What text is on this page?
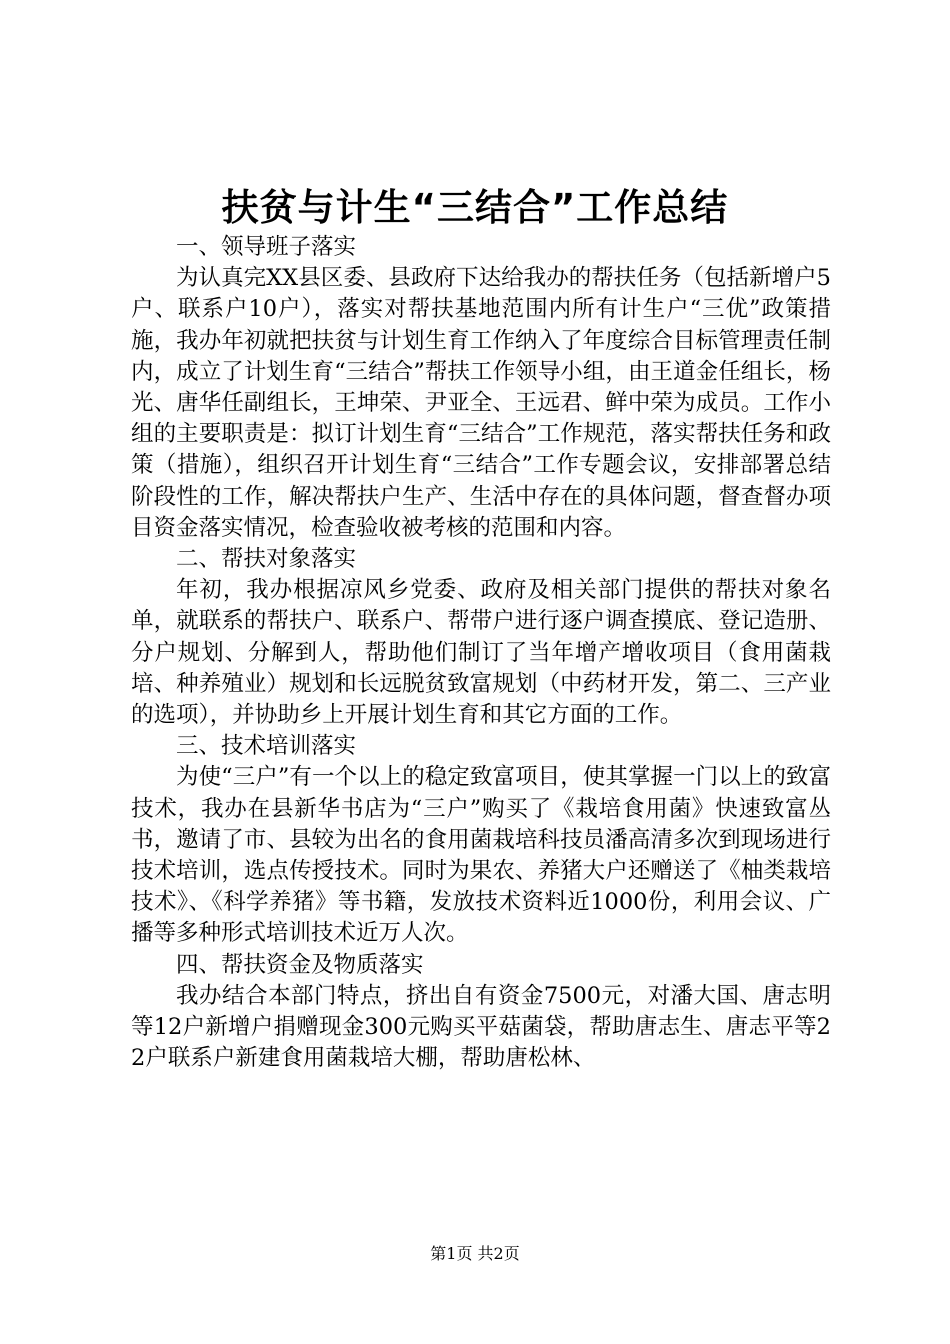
扶贫与计生“三结合”工作总结

一、领导班子落实

为认真完XX县区委、县政府下达给我办的帮扶任务（包括新增户5户、联系户10户），落实对帮扶基地范围内所有计生户“三优”政策措施，我办年初就把扶贫与计划生育工作纳入了年度综合目标管理责任制内，成立了计划生育“三结合”帮扶工作领导小组，由王道金任组长，杨光、唐华任副组长，王坤荣、尹亚全、王远君、鲜中荣为成员。工作小组的主要职责是：拟订计划生育“三结合”工作规范，落实帮扶任务和政策（措施），组织召开计划生育“三结合”工作专题会议，安排部署总结阶段性的工作，解决帮扶户生产、生活中存在的具体问题，督查督办项目资金落实情况，检查验收被考核的范围和内容。

二、帮扶对象落实

年初，我办根据凉风乡党委、政府及相关部门提供的帮扶对象名单，就联系的帮扶户、联系户、帮带户进行逐户调查摸底、登记造册、分户规划、分解到人，帮助他们制订了当年增产增收项目（食用菌栽培、种养殖业）规划和长远脱贫致富规划（中药材开发，第二、三产业的选项），并协助乡上开展计划生育和其它方面的工作。

三、技术培训落实

为使“三户”有一个以上的稳定致富项目，使其掌握一门以上的致富技术，我办在县新华书店为“三户”购买了《栽培食用菌》快速致富丛书，邀请了市、县较为出名的食用菌栽培科技员潘高清多次到现场进行技术培训，选点传授技术。同时为果农、养猪大户还赠送了《柚类栽培技术》、《科学养猪》等书籍，发放技术资料近1000份，利用会议、广播等多种形式培训技术近万人次。

四、帮扶资金及物质落实

我办结合本部门特点，挤出自有资金7500元，对潘大国、唐志明等12户新增户捐赠现金300元购买平菇菌袋，帮助唐志生、唐志平等22户联系户新建食用菌栽培大棚，帮助唐松林、

第1页 共2页
